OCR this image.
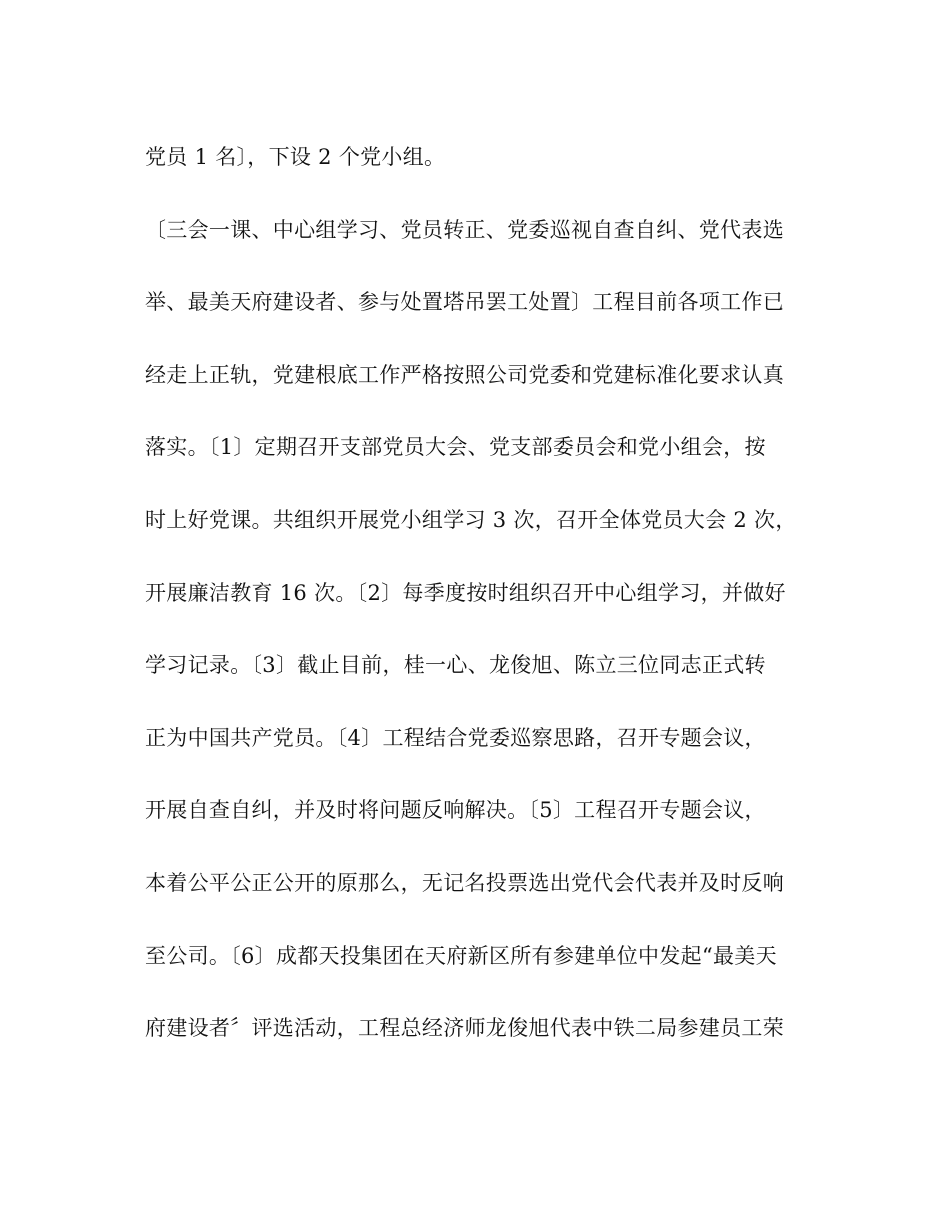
党员 1 名〕，下设 2 个党小组。
〔三会一课、中心组学习、党员转正、党委巡视自查自纠、党代表选
举、最美天府建设者、参与处置塔吊罢工处置〕工程目前各项工作已
经走上正轨，党建根底工作严格按照公司党委和党建标准化要求认真
落实。〔1〕定期召开支部党员大会、党支部委员会和党小组会，按
时上好党课。共组织开展党小组学习 3 次，召开全体党员大会 2 次，
开展廉洁教育 16 次。〔2〕每季度按时组织召开中心组学习，并做好
学习记录。〔3〕截止目前，桂一心、龙俊旭、陈立三位同志正式转
正为中国共产党员。〔4〕工程结合党委巡察思路，召开专题会议，
开展自查自纠，并及时将问题反响解决。〔5〕工程召开专题会议，
本着公平公正公开的原那么，无记名投票选出党代会代表并及时反响
至公司。〔6〕成都天投集团在天府新区所有参建单位中发起“最美天
府建设者〞评选活动，工程总经济师龙俊旭代表中铁二局参建员工荣
